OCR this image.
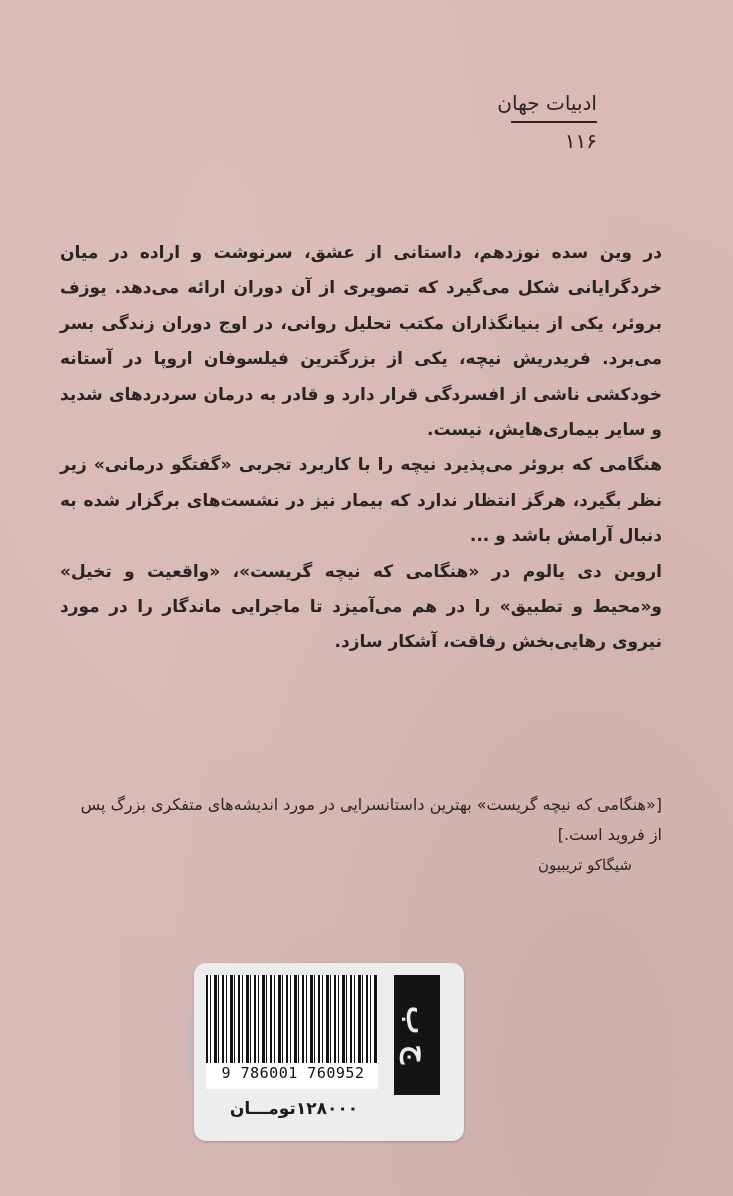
ادبیات جهان
۱۱۶

در وین سده نوزدهم، داستانی از عشق، سرنوشت و اراده در میان خردگرایانی شکل می‌گیرد که تصویری از آن دوران ارائه می‌دهد. یوزف بروئر، یکی از بنیانگذاران مکتب تحلیل روانی، در اوج دوران زندگی بسر می‌برد. فریدریش نیچه، یکی از بزرگترین فیلسوفان اروپا در آستانه خودکشی ناشی از افسردگی قرار دارد و قادر به درمان سردردهای شدید و سایر بیماری‌هایش، نیست.

هنگامی که بروئر می‌پذیرد نیچه را با کاربرد تجربی «گفتگو درمانی» زیر نظر بگیرد، هرگز انتظار ندارد که بیمار نیز در نشست‌های برگزار شده به دنبال آرامش باشد و ...

اروین دی یالوم در «هنگامی که نیچه گریست»، «واقعیت و تخیل» و«محیط و تطبیق» را در هم می‌آمیزد تا ماجرایی ماندگار را در مورد نیروی رهایی‌بخش رفاقت، آشکار سازد.

[«هنگامی که نیچه گریست» بهترین داستانسرایی در مورد اندیشه‌های متفکری بزرگ پس از فروید است.]
شیگاکو تریبیون
9 786001 760952
ج ب
۱۲۸۰۰۰تومـــان
